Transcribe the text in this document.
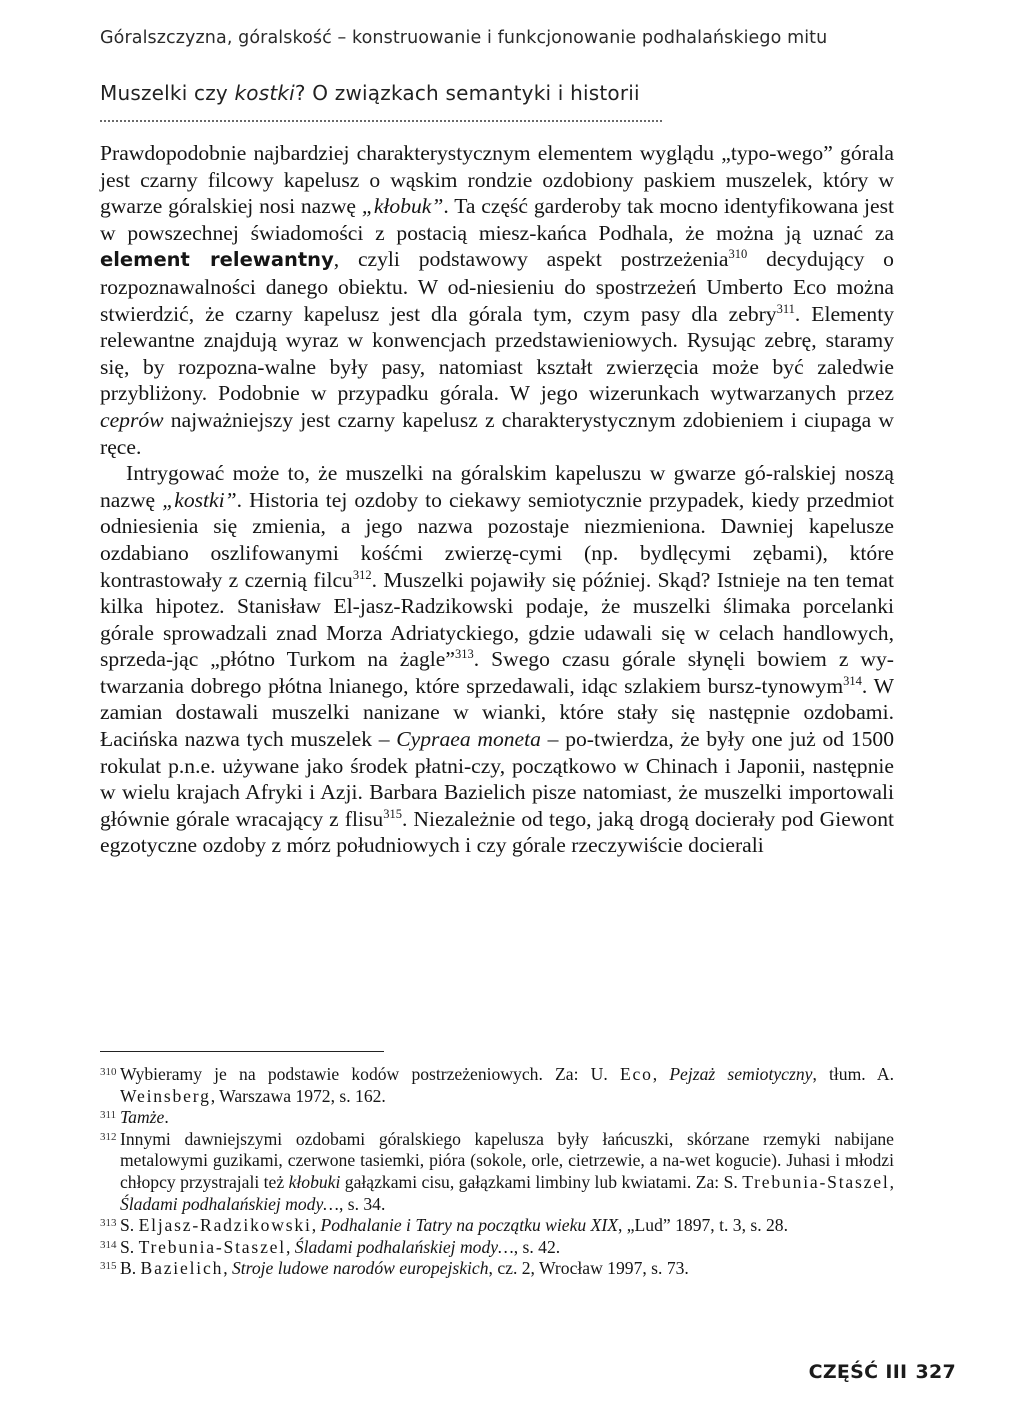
Góralszczyzna, góralskość – konstruowanie i funkcjonowanie podhalańskiego mitu
Muszelki czy kostki? O związkach semantyki i historii

Prawdopodobnie najbardziej charakterystycznym elementem wyglądu „typo-wego” górala jest czarny filcowy kapelusz o wąskim rondzie ozdobiony paskiem muszelek, który w gwarze góralskiej nosi nazwę „kłobuk”. Ta część garderoby tak mocno identyfikowana jest w powszechnej świadomości z postacią miesz-kańca Podhala, że można ją uznać za element relewantny, czyli podstawowy aspekt postrzeżenia$^{310}$ decydujący o rozpoznawalności danego obiektu. W od-niesieniu do spostrzeżeń Umberto Eco można stwierdzić, że czarny kapelusz jest dla górala tym, czym pasy dla zebry$^{311}$. Elementy relewantne znajdują wyraz w konwencjach przedstawieniowych. Rysując zebrę, staramy się, by rozpozna-walne były pasy, natomiast kształt zwierzęcia może być zaledwie przybliżony. Podobnie w przypadku górala. W jego wizerunkach wytwarzanych przez ceprów najważniejszy jest czarny kapelusz z charakterystycznym zdobieniem i ciupaga w ręce.

Intrygować może to, że muszelki na góralskim kapeluszu w gwarze gó-ralskiej noszą nazwę „kostki”. Historia tej ozdoby to ciekawy semiotycznie przypadek, kiedy przedmiot odniesienia się zmienia, a jego nazwa pozostaje niezmieniona. Dawniej kapelusze ozdabiano oszlifowanymi kośćmi zwierzę-cymi (np. bydlęcymi zębami), które kontrastowały z czernią filcu$^{312}$. Muszelki pojawiły się później. Skąd? Istnieje na ten temat kilka hipotez. Stanisław El-jasz-Radzikowski podaje, że muszelki ślimaka porcelanki górale sprowadzali znad Morza Adriatyckiego, gdzie udawali się w celach handlowych, sprzeda-jąc „płótno Turkom na żagle”$^{313}$. Swego czasu górale słynęli bowiem z wy-twarzania dobrego płótna lnianego, które sprzedawali, idąc szlakiem bursz-tynowym$^{314}$. W zamian dostawali muszelki nanizane w wianki, które stały się następnie ozdobami. Łacińska nazwa tych muszelek – Cypraea moneta – po-twierdza, że były one już od 1500 rokulat p.n.e. używane jako środek płatni-czy, początkowo w Chinach i Japonii, następnie w wielu krajach Afryki i Azji. Barbara Bazielich pisze natomiast, że muszelki importowali głównie górale wracający z flisu$^{315}$. Niezależnie od tego, jaką drogą docierały pod Giewont egzotyczne ozdoby z mórz południowych i czy górale rzeczywiście docierali

310 Wybieramy je na podstawie kodów postrzeżeniowych. Za: U. Eco, Pejzaż semiotyczny, tłum. A. Weinsberg, Warszawa 1972, s. 162.
311 Tamże.
312 Innymi dawniejszymi ozdobami góralskiego kapelusza były łańcuszki, skórzane rzemyki nabijane metalowymi guzikami, czerwone tasiemki, pióra (sokole, orle, cietrzewie, a na-wet kogucie). Juhasi i młodzi chłopcy przystrajali też kłobuki gałązkami cisu, gałązkami limbiny lub kwiatami. Za: S. Trebunia-Staszel, Śladami podhalańskiej mody…, s. 34.
313 S. Eljasz-Radzikowski, Podhalanie i Tatry na początku wieku XIX, „Lud” 1897, t. 3, s. 28.
314 S. Trebunia-Staszel, Śladami podhalańskiej mody…, s. 42.
315 B. Bazielich, Stroje ludowe narodów europejskich, cz. 2, Wrocław 1997, s. 73.
CZĘŚĆ III 327
